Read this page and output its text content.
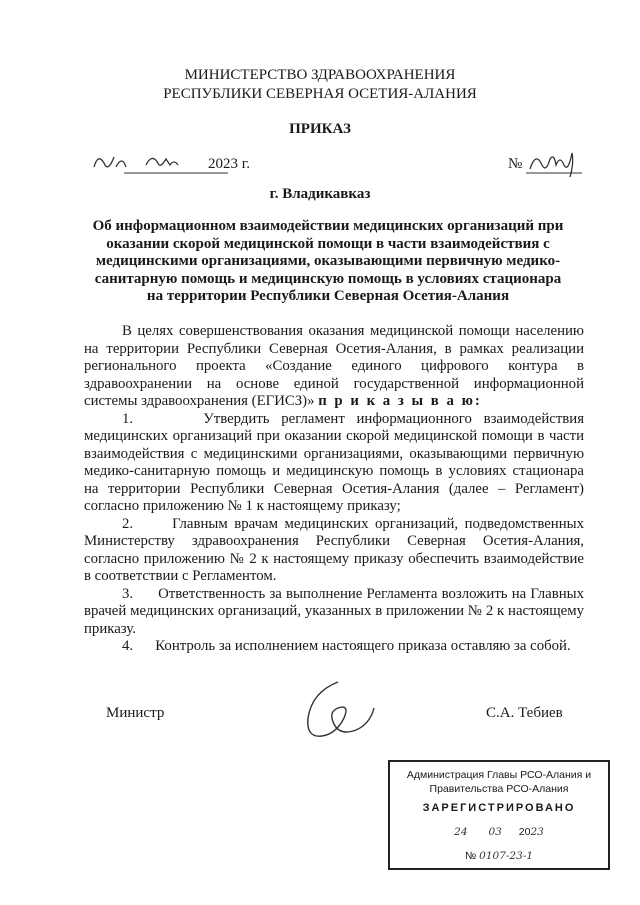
МИНИСТЕРСТВО ЗДРАВООХРАНЕНИЯ
РЕСПУБЛИКИ СЕВЕРНАЯ ОСЕТИЯ-АЛАНИЯ
ПРИКАЗ
2023 г.	№
г. Владикавказ
Об информационном взаимодействии медицинских организаций при оказании скорой медицинской помощи в части взаимодействия с медицинскими организациями, оказывающими первичную медико-санитарную помощь и медицинскую помощь в условиях стационара на территории Республики Северная Осетия-Алания

В целях совершенствования оказания медицинской помощи населению на территории Республики Северная Осетия-Алания, в рамках реализации регионального проекта «Создание единого цифрового контура в здравоохранении на основе единой государственной информационной системы здравоохранения (ЕГИСЗ)» п р и к а з ы в а ю:

1.      Утвердить регламент информационного взаимодействия медицинских организаций при оказании скорой медицинской помощи в части взаимодействия с медицинскими организациями, оказывающими первичную медико-санитарную помощь и медицинскую помощь в условиях стационара на территории Республики Северная Осетия-Алания (далее – Регламент) согласно приложению № 1 к настоящему приказу;

2.      Главным врачам медицинских организаций, подведомственных Министерству здравоохранения Республики Северная Осетия-Алания, согласно приложению № 2 к настоящему приказу обеспечить взаимодействие в соответствии с Регламентом.

3.      Ответственность за выполнение Регламента возложить на Главных врачей медицинских организаций, указанных в приложении № 2 к настоящему приказу.

4.      Контроль за исполнением настоящего приказа оставляю за собой.

Министр	С.А. Тебиев
Администрация Главы РСО-Алания и
Правительства РСО-Алания
ЗАРЕГИСТРИРОВАНО
24 03 2023
№ 0107-23-1
